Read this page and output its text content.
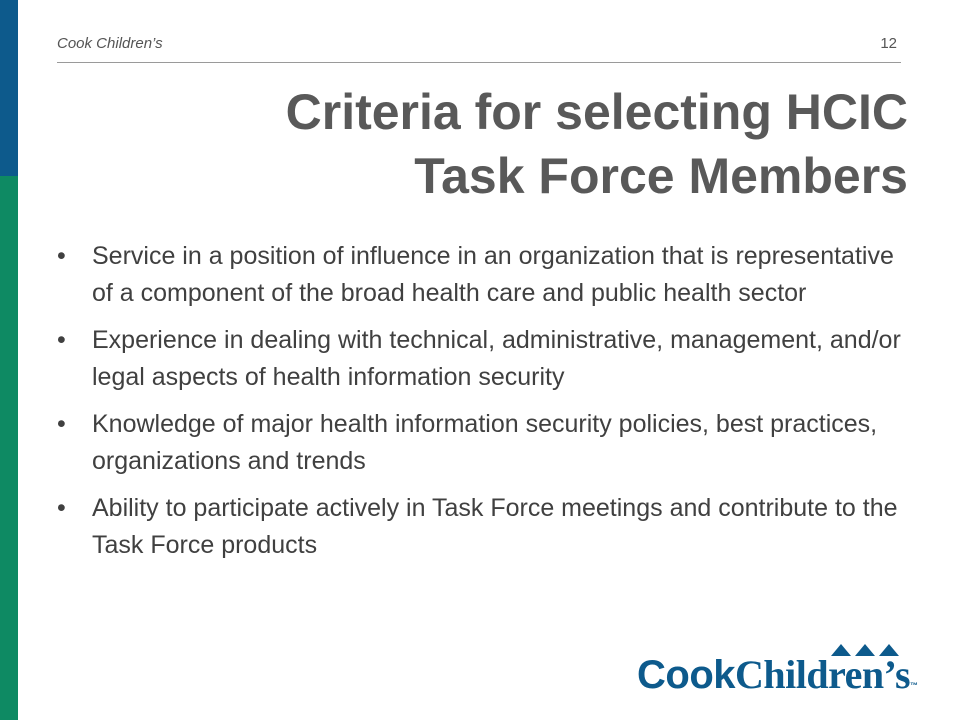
Cook Children’s	12
Criteria for selecting HCIC
Task Force Members
• Service in a position of influence in an organization that is representative of a component of the broad health care and public health sector
• Experience in dealing with technical, administrative, management, and/or legal aspects of health information security
• Knowledge of major health information security policies, best practices, organizations and trends
• Ability to participate actively in Task Force meetings and contribute to the Task Force products
CookChildren’s™
